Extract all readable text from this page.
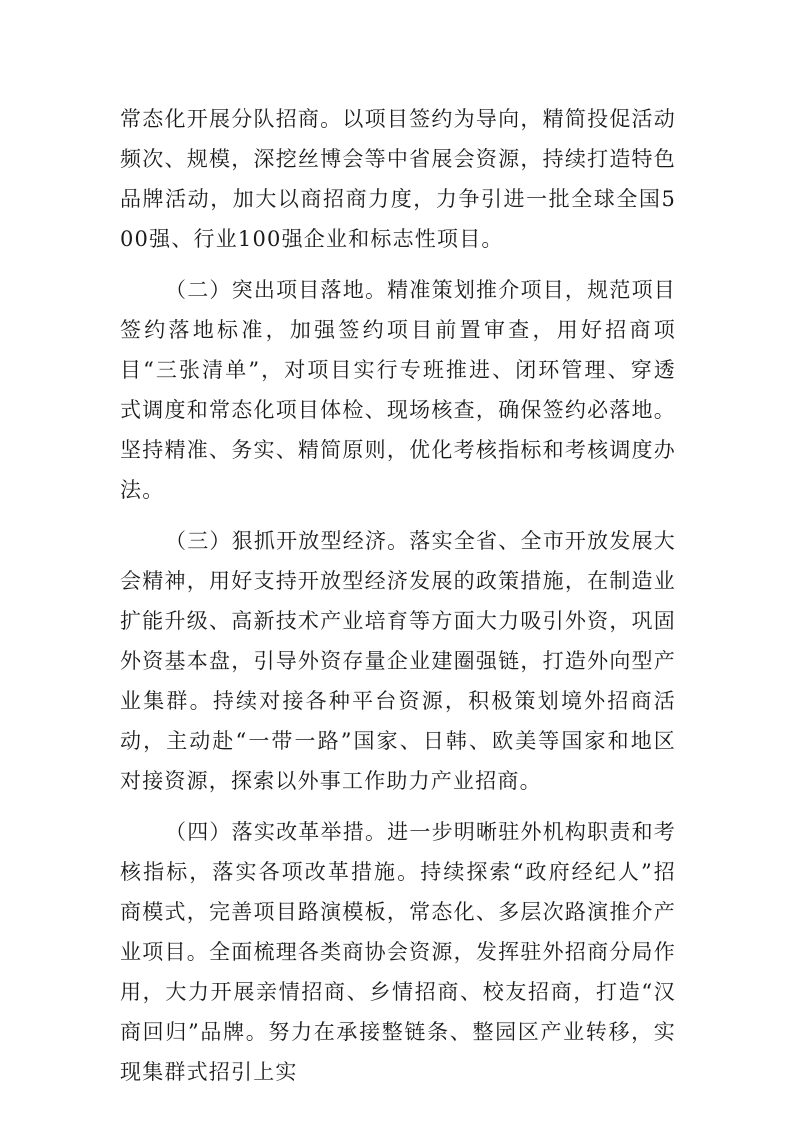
常态化开展分队招商。以项目签约为导向，精简投促活动频次、规模，深挖丝博会等中省展会资源，持续打造特色品牌活动，加大以商招商力度，力争引进一批全球全国500强、行业100强企业和标志性项目。

（二）突出项目落地。精准策划推介项目，规范项目签约落地标准，加强签约项目前置审查，用好招商项目“三张清单”，对项目实行专班推进、闭环管理、穿透式调度和常态化项目体检、现场核查，确保签约必落地。坚持精准、务实、精简原则，优化考核指标和考核调度办法。

（三）狠抓开放型经济。落实全省、全市开放发展大会精神，用好支持开放型经济发展的政策措施，在制造业扩能升级、高新技术产业培育等方面大力吸引外资，巩固外资基本盘，引导外资存量企业建圈强链，打造外向型产业集群。持续对接各种平台资源，积极策划境外招商活动，主动赴“一带一路”国家、日韩、欧美等国家和地区对接资源，探索以外事工作助力产业招商。

（四）落实改革举措。进一步明晰驻外机构职责和考核指标，落实各项改革措施。持续探索“政府经纪人”招商模式，完善项目路演模板，常态化、多层次路演推介产业项目。全面梳理各类商协会资源，发挥驻外招商分局作用，大力开展亲情招商、乡情招商、校友招商，打造“汉商回归”品牌。努力在承接整链条、整园区产业转移，实现集群式招引上实
